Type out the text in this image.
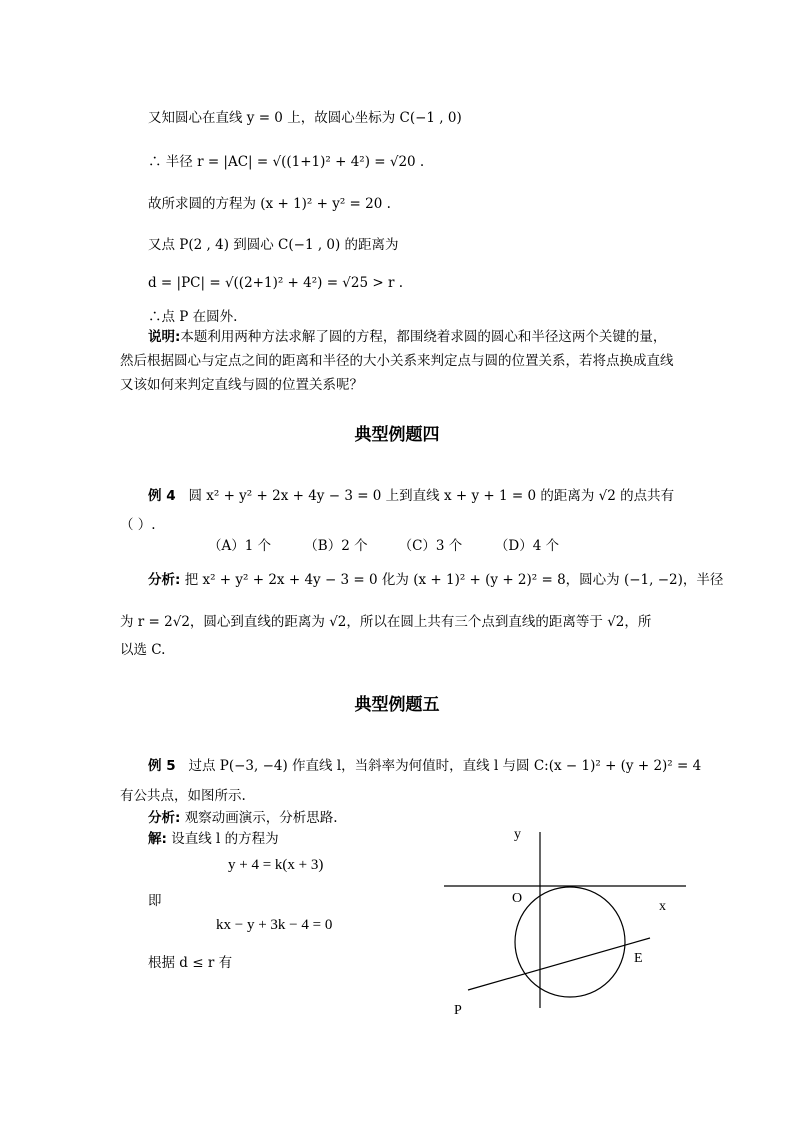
又知圆心在直线 y = 0 上，故圆心坐标为 C(−1 , 0)
∴ 半径 r = |AC| = √((1+1)² + 4²) = √20 .
故所求圆的方程为 (x + 1)² + y² = 20 .
又点 P(2 , 4) 到圆心 C(−1 , 0) 的距离为
d = |PC| = √((2+1)² + 4²) = √25 > r .
∴点 P 在圆外.
说明:本题利用两种方法求解了圆的方程，都围绕着求圆的圆心和半径这两个关键的量，然后根据圆心与定点之间的距离和半径的大小关系来判定点与圆的位置关系，若将点换成直线又该如何来判定直线与圆的位置关系呢？
典型例题四
例 4 圆 x² + y² + 2x + 4y − 3 = 0 上到直线 x + y + 1 = 0 的距离为 √2 的点共有
（ ）.
（A）1 个 （B）2 个 （C）3 个 （D）4 个
分析: 把 x² + y² + 2x + 4y − 3 = 0 化为 (x + 1)² + (y + 2)² = 8，圆心为 (−1, −2)，半径
为 r = 2√2，圆心到直线的距离为 √2，所以在圆上共有三个点到直线的距离等于 √2，所
以选 C.
典型例题五
例 5 过点 P(−3, −4) 作直线 l，当斜率为何值时，直线 l 与圆 C:(x − 1)² + (y + 2)² = 4
有公共点，如图所示.
分析: 观察动画演示，分析思路.
解: 设直线 l 的方程为
y + 4 = k(x + 3)
即
kx − y + 3k − 4 = 0
根据 d ≤ r 有
y
x
O
E
P
